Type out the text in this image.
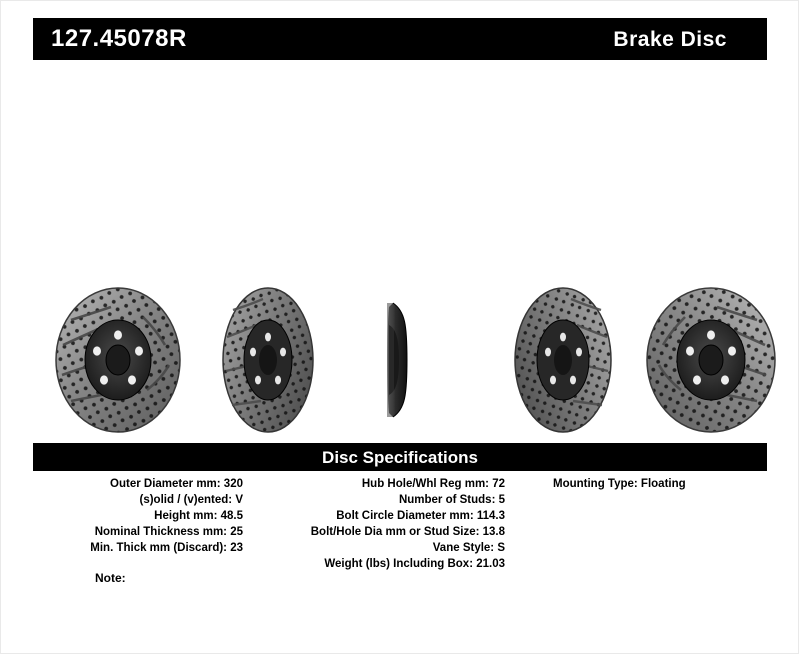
127.45078R	Brake Disc
Disc Specifications
Outer Diameter mm: 320
(s)olid / (v)ented: V
Height mm: 48.5
Nominal Thickness mm: 25
Min. Thick mm (Discard): 23
Hub Hole/Whl Reg mm: 72
Number of Studs: 5
Bolt Circle Diameter mm: 114.3
Bolt/Hole Dia mm or Stud Size: 13.8
Vane Style: S
Weight (lbs) Including Box: 21.03
Mounting Type: Floating
Note:
